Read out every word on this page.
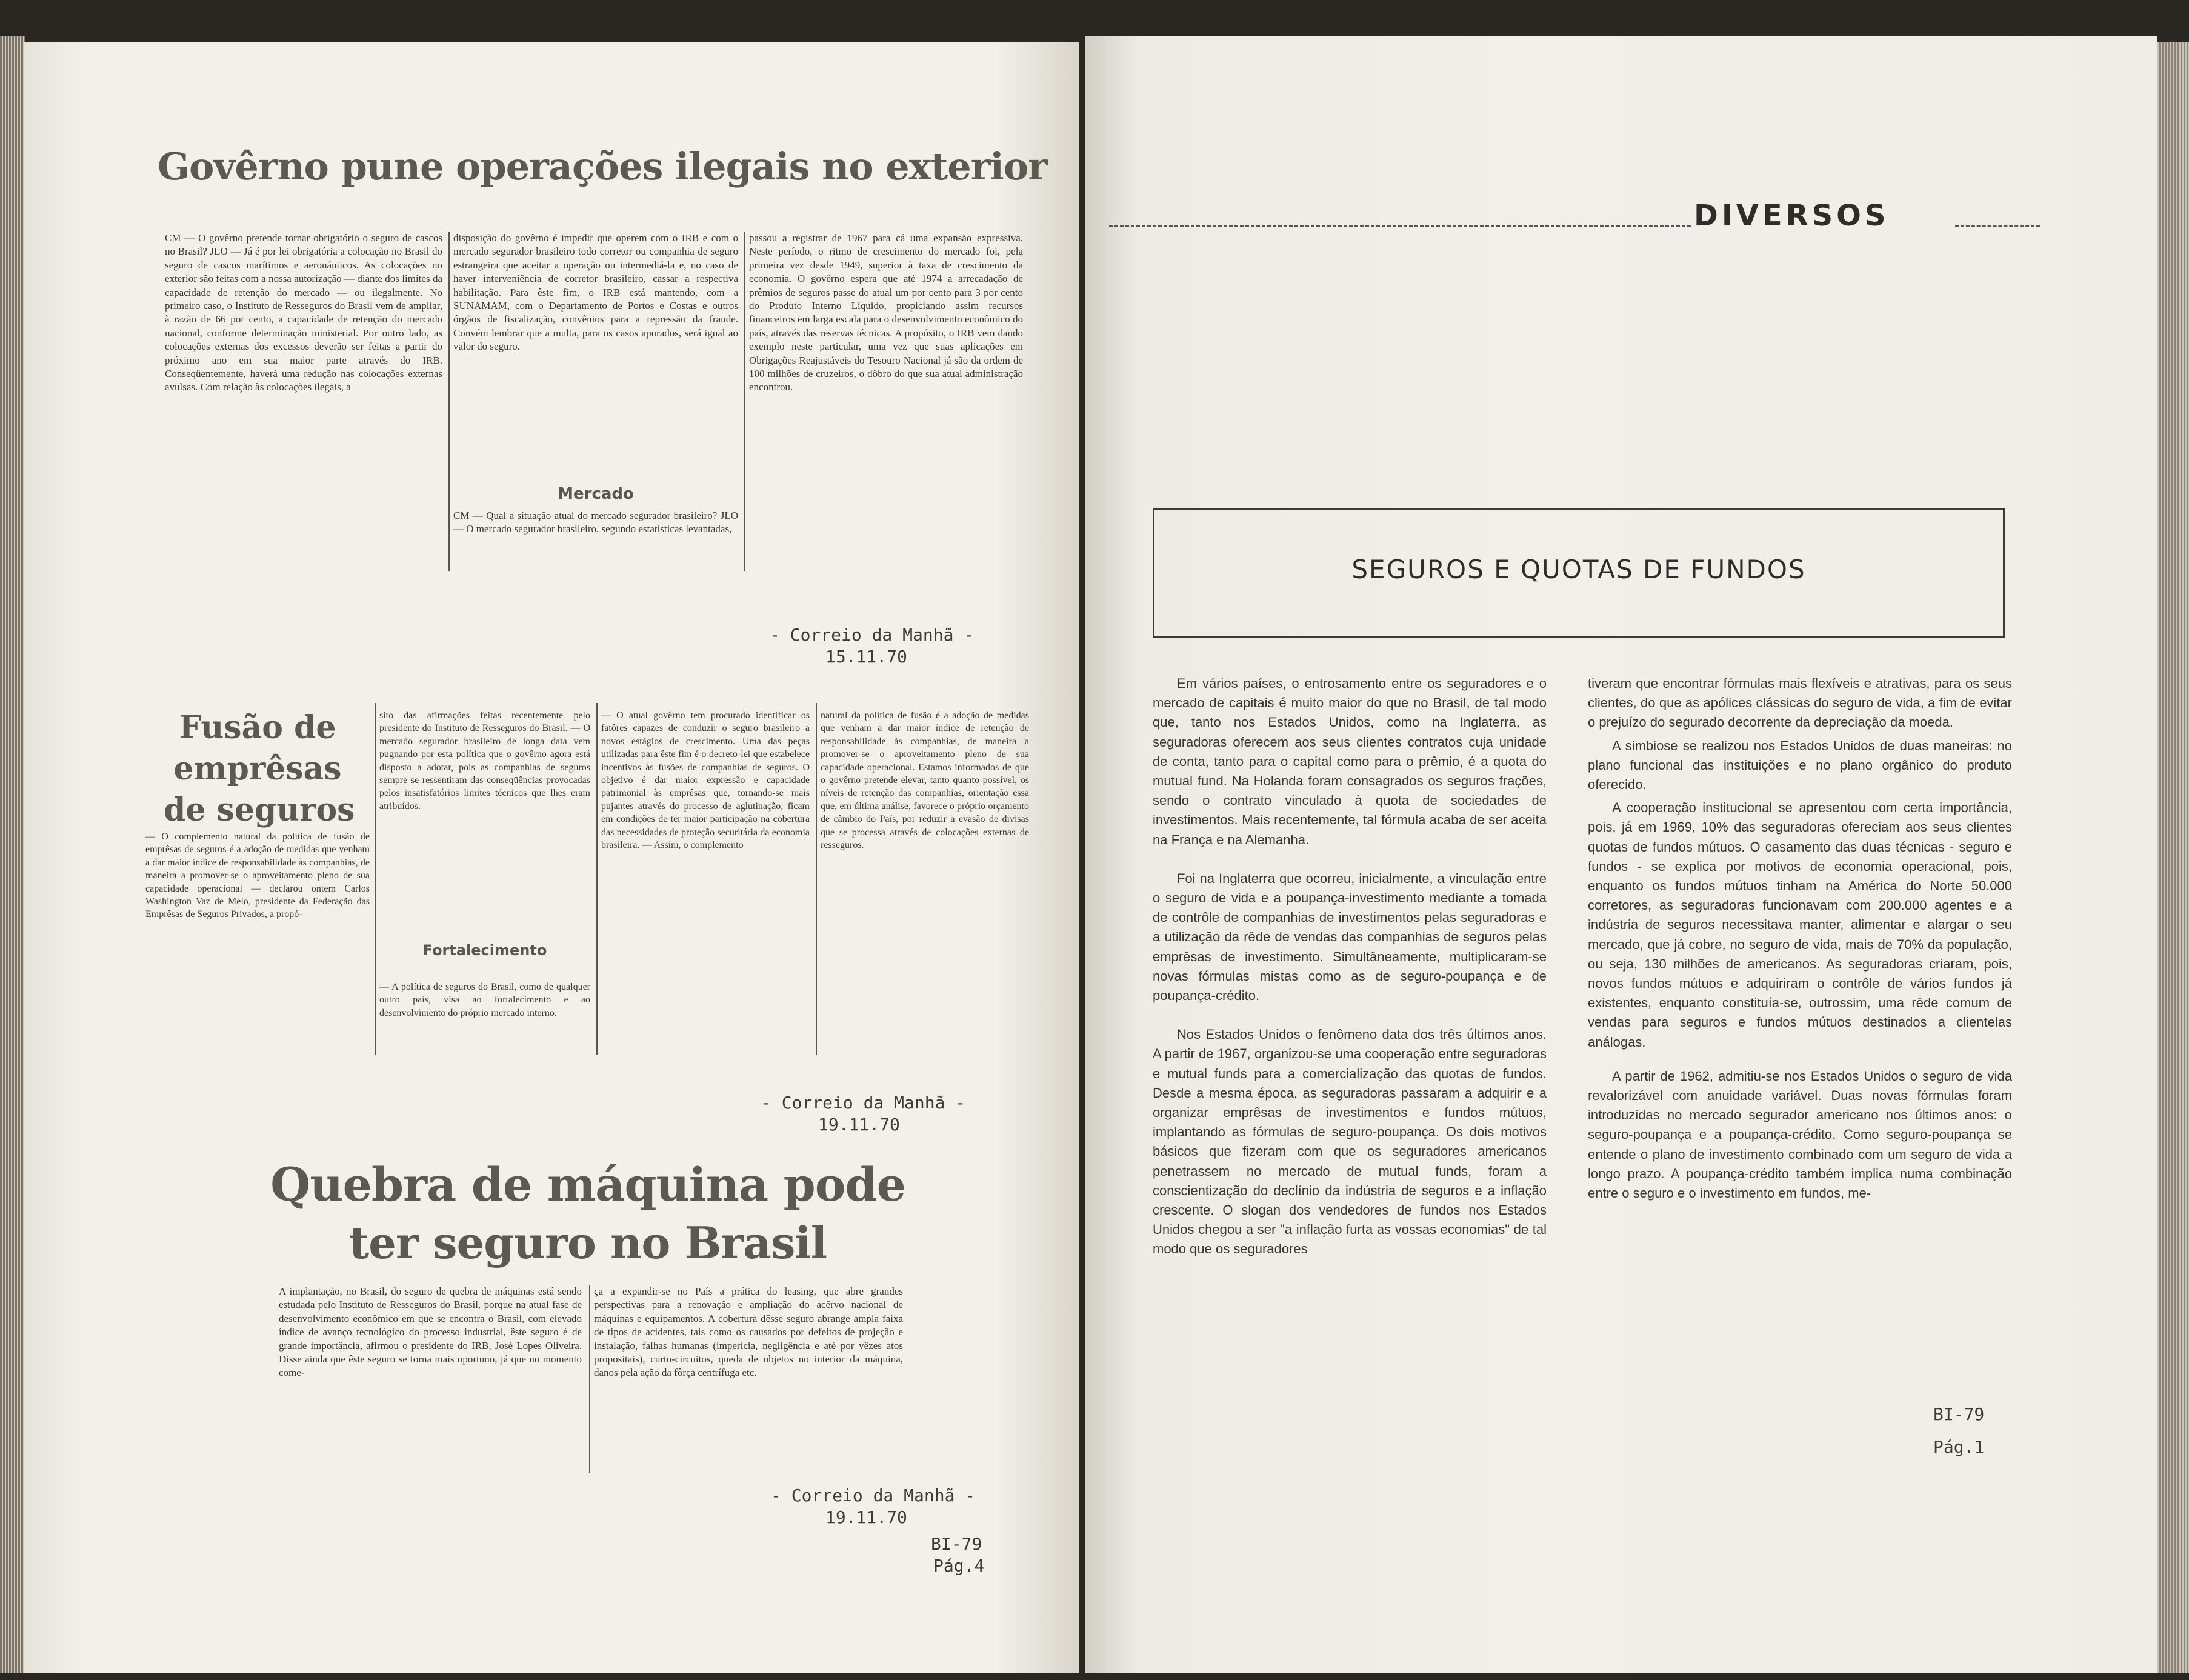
Govêrno pune operações ilegais no exterior
CM — O govêrno pretende tornar obrigatório o seguro de cascos no Brasil? JLO — Já é por lei obrigatória a colocação no Brasil do seguro de cascos marítimos e aeronáuticos. As colocações no exterior são feitas com a nossa autorização — diante dos limites da capacidade de retenção do mercado — ou ilegalmente. No primeiro caso, o Instituto de Resseguros do Brasil vem de ampliar, à razão de 66 por cento, a capacidade de retenção do mercado nacional, conforme determinação ministerial. Por outro lado, as colocações externas dos excessos deverão ser feitas a partir do próximo ano em sua maior parte através do IRB. Conseqüentemente, haverá uma redução nas colocações externas avulsas. Com relação às colocações ilegais, a
disposição do govêrno é impedir que operem com o IRB e com o mercado segurador brasileiro todo corretor ou companhia de seguro estrangeira que aceitar a operação ou intermediá-la e, no caso de haver interveniência de corretor brasileiro, cassar a respectiva habilitação. Para êste fim, o IRB está mantendo, com a SUNAMAM, com o Departamento de Portos e Costas e outros órgãos de fiscalização, convênios para a repressão da fraude. Convém lembrar que a multa, para os casos apurados, será igual ao valor do seguro.
Mercado
CM — Qual a situação atual do mercado segurador brasileiro? JLO — O mercado segurador brasileiro, segundo estatísticas levantadas,
passou a registrar de 1967 para cá uma expansão expressiva. Neste período, o ritmo de crescimento do mercado foi, pela primeira vez desde 1949, superior à taxa de crescimento da economia. O govêrno espera que até 1974 a arrecadação de prêmios de seguros passe do atual um por cento para 3 por cento do Produto Interno Líquido, propiciando assim recursos financeiros em larga escala para o desenvolvimento econômico do país, através das reservas técnicas. A propósito, o IRB vem dando exemplo neste particular, uma vez que suas aplicações em Obrigações Reajustáveis do Tesouro Nacional já são da ordem de 100 milhões de cruzeiros, o dôbro do que sua atual administração encontrou.
- Correio da Manhã -
15.11.70
Fusão de
emprêsas
de seguros
— O complemento natural da política de fusão de emprêsas de seguros é a adoção de medidas que venham a dar maior índice de responsabilidade às companhias, de maneira a promover-se o aproveitamento pleno de sua capacidade operacional — declarou ontem Carlos Washington Vaz de Melo, presidente da Federação das Emprêsas de Seguros Privados, a propó-
sito das afirmações feitas recentemente pelo presidente do Instituto de Resseguros do Brasil. — O mercado segurador brasileiro de longa data vem pugnando por esta política que o govêrno agora está disposto a adotar, pois as companhias de seguros sempre se ressentiram das conseqüências provocadas pelos insatisfatórios limites técnicos que lhes eram atribuídos.
Fortalecimento
— A política de seguros do Brasil, como de qualquer outro país, visa ao fortalecimento e ao desenvolvimento do próprio mercado interno.
— O atual govêrno tem procurado identificar os fatôres capazes de conduzir o seguro brasileiro a novos estágios de crescimento. Uma das peças utilizadas para êste fim é o decreto-lei que estabelece incentivos às fusões de companhias de seguros. O objetivo é dar maior expressão e capacidade patrimonial às emprêsas que, tornando-se mais pujantes através do processo de aglutinação, ficam em condições de ter maior participação na cobertura das necessidades de proteção securitária da economia brasileira. — Assim, o complemento
natural da política de fusão é a adoção de medidas que venham a dar maior índice de retenção de responsabilidade às companhias, de maneira a promover-se o aproveitamento pleno de sua capacidade operacional. Estamos informados de que o govêrno pretende elevar, tanto quanto possível, os níveis de retenção das companhias, orientação essa que, em última análise, favorece o próprio orçamento de câmbio do País, por reduzir a evasão de divisas que se processa através de colocações externas de resseguros.
- Correio da Manhã -
19.11.70
Quebra de máquina pode
ter seguro no Brasil
A implantação, no Brasil, do seguro de quebra de máquinas está sendo estudada pelo Instituto de Resseguros do Brasil, porque na atual fase de desenvolvimento econômico em que se encontra o Brasil, com elevado índice de avanço tecnológico do processo industrial, êste seguro é de grande importância, afirmou o presidente do IRB, José Lopes Oliveira. Disse ainda que êste seguro se torna mais oportuno, já que no momento come-
ça a expandir-se no País a prática do leasing, que abre grandes perspectivas para a renovação e ampliação do acêrvo nacional de máquinas e equipamentos. A cobertura dêsse seguro abrange ampla faixa de tipos de acidentes, tais como os causados por defeitos de projeção e instalação, falhas humanas (imperícia, negligência e até por vêzes atos propositais), curto-circuitos, queda de objetos no interior da máquina, danos pela ação da fôrça centrífuga etc.
- Correio da Manhã -
19.11.70
BI-79
Pág.4
DIVERSOS
SEGUROS E QUOTAS DE FUNDOS

Em vários países, o entrosamento entre os seguradores e o mercado de capitais é muito maior do que no Brasil, de tal modo que, tanto nos Estados Unidos, como na Inglaterra, as seguradoras oferecem aos seus clientes contratos cuja unidade de conta, tanto para o capital como para o prêmio, é a quota do mutual fund. Na Holanda foram consagrados os seguros frações, sendo o contrato vinculado à quota de sociedades de investimentos. Mais recentemente, tal fórmula acaba de ser aceita na França e na Alemanha.

Foi na Inglaterra que ocorreu, inicialmente, a vinculação entre o seguro de vida e a poupança-investimento mediante a tomada de contrôle de companhias de investimentos pelas seguradoras e a utilização da rêde de vendas das companhias de seguros pelas emprêsas de investimento. Simultâneamente, multiplicaram-se novas fórmulas mistas como as de seguro-poupança e de poupança-crédito.

Nos Estados Unidos o fenômeno data dos três últimos anos. A partir de 1967, organizou-se uma cooperação entre seguradoras e mutual funds para a comercialização das quotas de fundos. Desde a mesma época, as seguradoras passaram a adquirir e a organizar emprêsas de investimentos e fundos mútuos, implantando as fórmulas de seguro-poupança. Os dois motivos básicos que fizeram com que os seguradores americanos penetrassem no mercado de mutual funds, foram a conscientização do declínio da indústria de seguros e a inflação crescente. O slogan dos vendedores de fundos nos Estados Unidos chegou a ser "a inflação furta as vossas economias" de tal modo que os seguradores

tiveram que encontrar fórmulas mais flexíveis e atrativas, para os seus clientes, do que as apólices clássicas do seguro de vida, a fim de evitar o prejuízo do segurado decorrente da depreciação da moeda.

A simbiose se realizou nos Estados Unidos de duas maneiras: no plano funcional das instituições e no plano orgânico do produto oferecido.

A cooperação institucional se apresentou com certa importância, pois, já em 1969, 10% das seguradoras ofereciam aos seus clientes quotas de fundos mútuos. O casamento das duas técnicas - seguro e fundos - se explica por motivos de economia operacional, pois, enquanto os fundos mútuos tinham na América do Norte 50.000 corretores, as seguradoras funcionavam com 200.000 agentes e a indústria de seguros necessitava manter, alimentar e alargar o seu mercado, que já cobre, no seguro de vida, mais de 70% da população, ou seja, 130 milhões de americanos. As seguradoras criaram, pois, novos fundos mútuos e adquiriram o contrôle de vários fundos já existentes, enquanto constituía-se, outrossim, uma rêde comum de vendas para seguros e fundos mútuos destinados a clientelas análogas.

A partir de 1962, admitiu-se nos Estados Unidos o seguro de vida revalorizável com anuidade variável. Duas novas fórmulas foram introduzidas no mercado segurador americano nos últimos anos: o seguro-poupança e a poupança-crédito. Como seguro-poupança se entende o plano de investimento combinado com um seguro de vida a longo prazo. A poupança-crédito também implica numa combinação entre o seguro e o investimento em fundos, me-

BI-79
Pág.1
